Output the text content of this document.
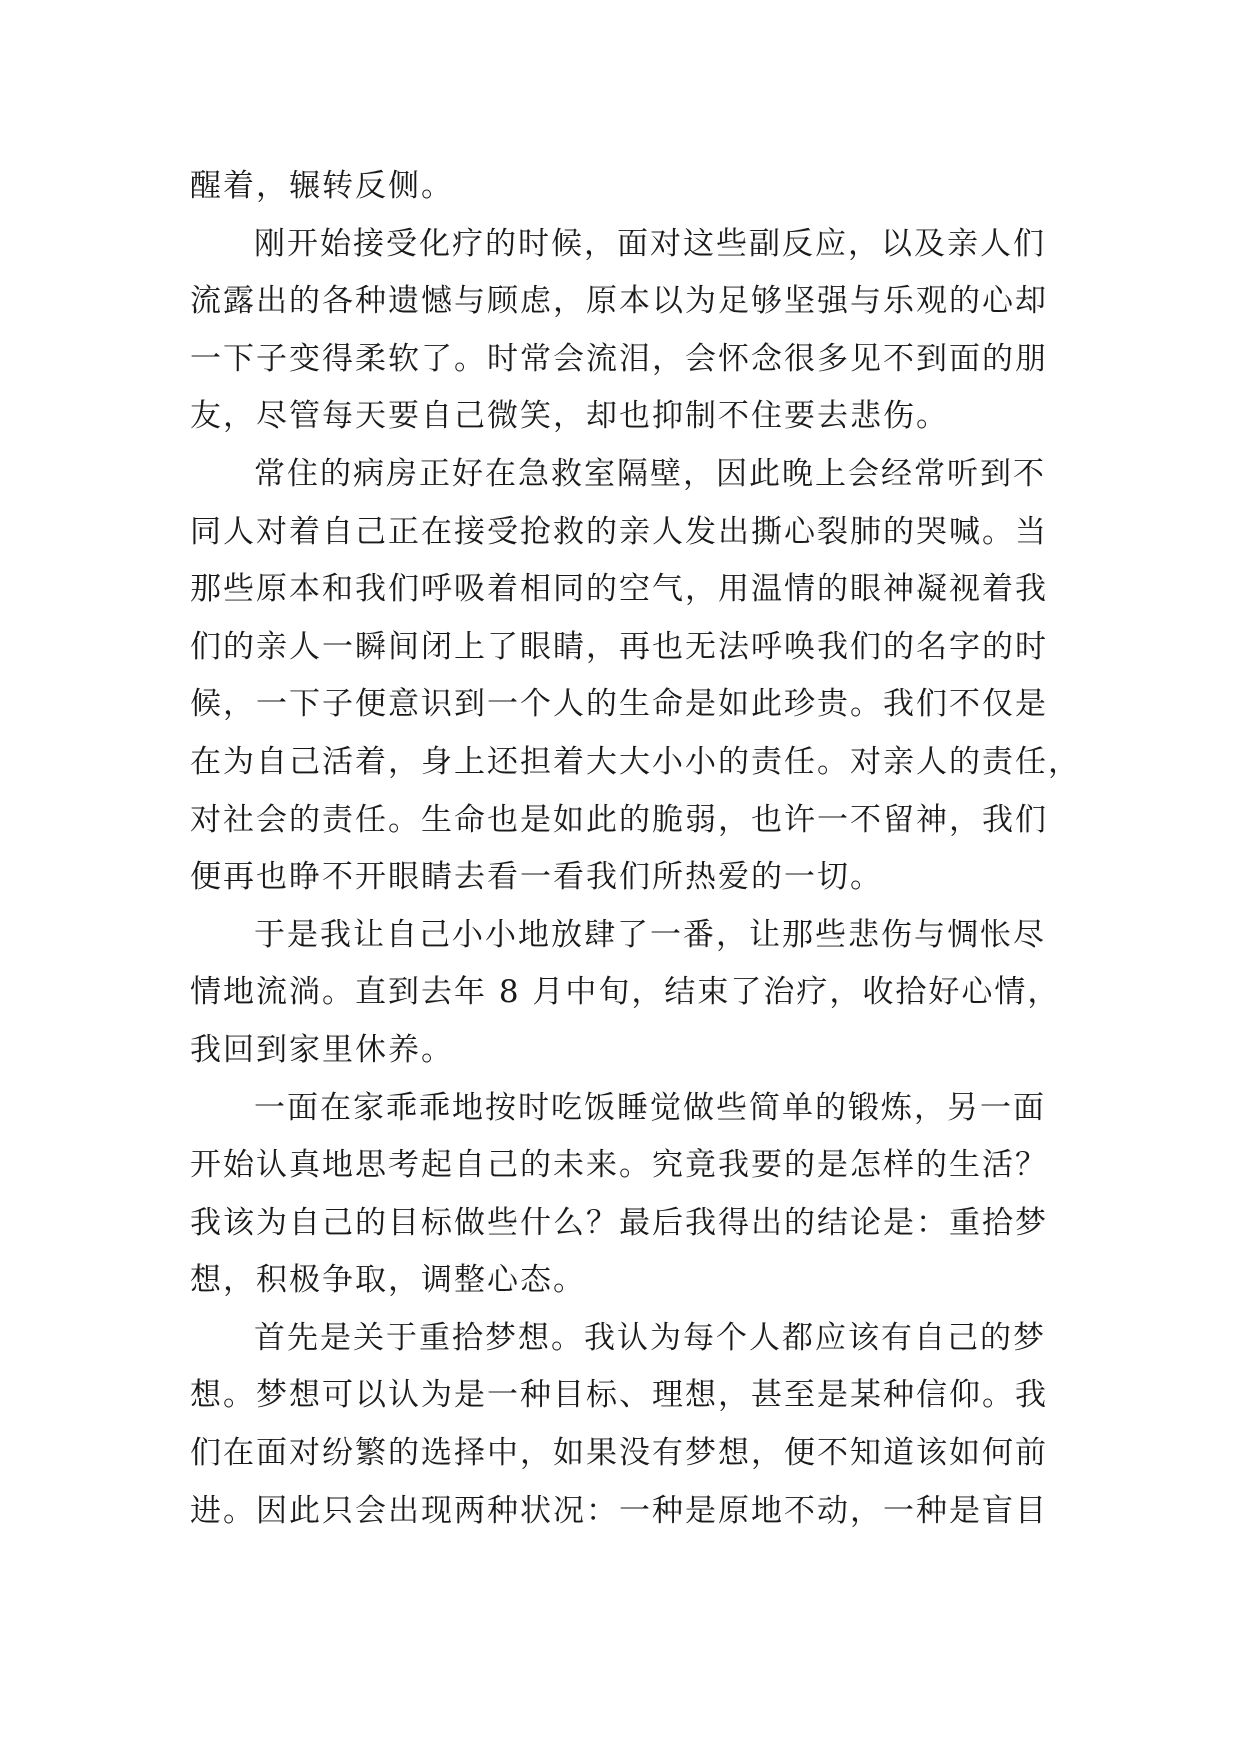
醒着，辗转反侧。
刚开始接受化疗的时候，面对这些副反应，以及亲人们
流露出的各种遗憾与顾虑，原本以为足够坚强与乐观的心却
一下子变得柔软了。时常会流泪，会怀念很多见不到面的朋
友，尽管每天要自己微笑，却也抑制不住要去悲伤。
常住的病房正好在急救室隔壁，因此晚上会经常听到不
同人对着自己正在接受抢救的亲人发出撕心裂肺的哭喊。当
那些原本和我们呼吸着相同的空气，用温情的眼神凝视着我
们的亲人一瞬间闭上了眼睛，再也无法呼唤我们的名字的时
候，一下子便意识到一个人的生命是如此珍贵。我们不仅是
在为自己活着，身上还担着大大小小的责任。对亲人的责任，
对社会的责任。生命也是如此的脆弱，也许一不留神，我们
便再也睁不开眼睛去看一看我们所热爱的一切。
于是我让自己小小地放肆了一番，让那些悲伤与惆怅尽
情地流淌。直到去年 8 月中旬，结束了治疗，收拾好心情，
我回到家里休养。
一面在家乖乖地按时吃饭睡觉做些简单的锻炼，另一面
开始认真地思考起自己的未来。究竟我要的是怎样的生活？
我该为自己的目标做些什么？最后我得出的结论是：重拾梦
想，积极争取，调整心态。
首先是关于重拾梦想。我认为每个人都应该有自己的梦
想。梦想可以认为是一种目标、理想，甚至是某种信仰。我
们在面对纷繁的选择中，如果没有梦想，便不知道该如何前
进。因此只会出现两种状况：一种是原地不动，一种是盲目
